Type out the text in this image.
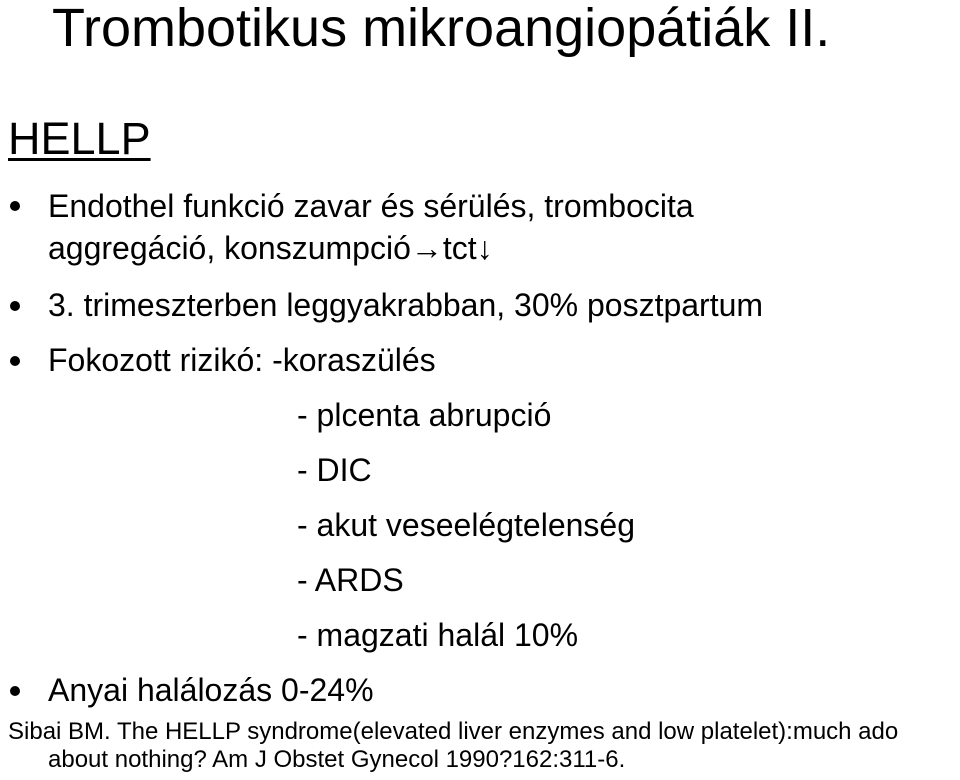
Trombotikus mikroangiopátiák II.
HELLP
Endothel funkció zavar és sérülés, trombocita
aggregáció, konszumpció→tct↓
3. trimeszterben leggyakrabban, 30% posztpartum
Fokozott rizikó: -koraszülés
- plcenta abrupció
- DIC
- akut veseelégtelenség
- ARDS
- magzati halál 10%
Anyai halálozás 0-24%
Sibai BM. The HELLP syndrome(elevated liver enzymes and low platelet):much ado
about nothing? Am J Obstet Gynecol 1990?162:311-6.
